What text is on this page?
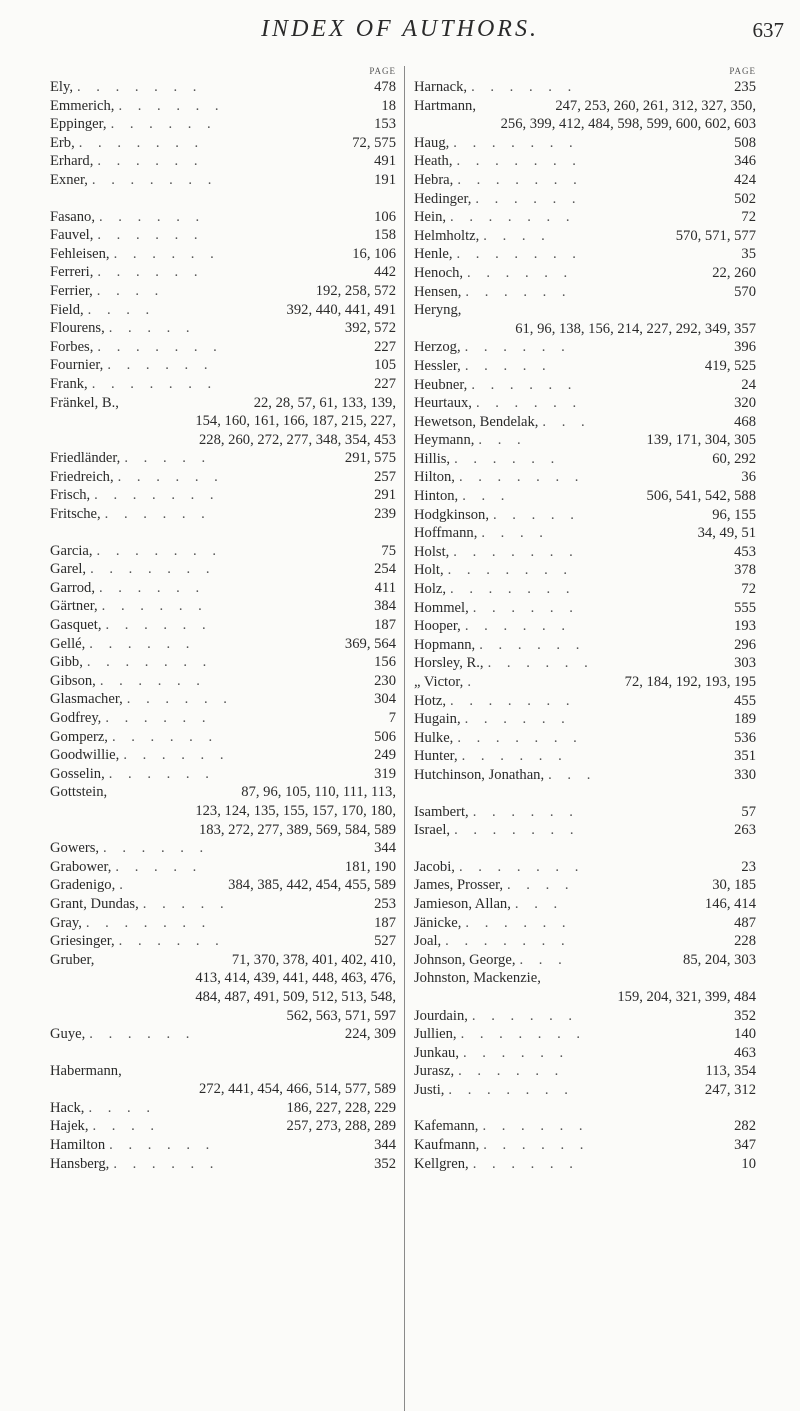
INDEX OF AUTHORS.	637
PAGE
Ely, . . . . . . .	478
Emmerich, . . . . . .	18
Eppinger, . . . . . .	153
Erb, . . . . . . .	72, 575
Erhard, . . . . . .	491
Exner, . . . . . . .	191
Fasano, . . . . . .	106
Fauvel, . . . . . .	158
Fehleisen, . . . . . .	16, 106
Ferreri, . . . . . .	442
Ferrier, . . . .	192, 258, 572
Field, . . . .	392, 440, 441, 491
Flourens, . . . . .	392, 572
Forbes, . . . . . . .	227
Fournier, . . . . . .	105
Frank, . . . . . . .	227
Fränkel, B.,	22, 28, 57, 61, 133, 139,
154, 160, 161, 166, 187, 215, 227,
228, 260, 272, 277, 348, 354, 453
Friedländer, . . . . .	291, 575
Friedreich, . . . . . .	257
Frisch, . . . . . . .	291
Fritsche, . . . . . .	239
Garcia, . . . . . . .	75
Garel, . . . . . . .	254
Garrod, . . . . . .	411
Gärtner, . . . . . .	384
Gasquet, . . . . . .	187
Gellé, . . . . . .	369, 564
Gibb, . . . . . . .	156
Gibson, . . . . . .	230
Glasmacher, . . . . . .	304
Godfrey, . . . . . .	7
Gomperz, . . . . . .	506
Goodwillie, . . . . . .	249
Gosselin, . . . . . .	319
Gottstein,	87, 96, 105, 110, 111, 113,
123, 124, 135, 155, 157, 170, 180,
183, 272, 277, 389, 569, 584, 589
Gowers, . . . . . .	344
Grabower, . . . . .	181, 190
Gradenigo, .	384, 385, 442, 454, 455, 589
Grant, Dundas, . . . . .	253
Gray, . . . . . . .	187
Griesinger, . . . . . .	527
Gruber,	71, 370, 378, 401, 402, 410,
413, 414, 439, 441, 448, 463, 476,
484, 487, 491, 509, 512, 513, 548,
562, 563, 571, 597
Guye, . . . . . .	224, 309
Habermann,
272, 441, 454, 466, 514, 577, 589
Hack, . . . .	186, 227, 228, 229
Hajek, . . . .	257, 273, 288, 289
Hamilton . . . . . .	344
Hansberg, . . . . . .	352
PAGE
Harnack, . . . . . .	235
Hartmann,	247, 253, 260, 261, 312, 327, 350,
256, 399, 412, 484, 598, 599, 600, 602, 603
Haug, . . . . . . .	508
Heath, . . . . . . .	346
Hebra, . . . . . . .	424
Hedinger, . . . . . .	502
Hein, . . . . . . .	72
Helmholtz, . . . .	570, 571, 577
Henle, . . . . . . .	35
Henoch, . . . . . .	22, 260
Hensen, . . . . . .	570
Heryng,
61, 96, 138, 156, 214, 227, 292, 349, 357
Herzog, . . . . . .	396
Hessler, . . . . .	419, 525
Heubner, . . . . . .	24
Heurtaux, . . . . . .	320
Hewetson, Bendelak, . . .	468
Heymann, . . .	139, 171, 304, 305
Hillis, . . . . . .	60, 292
Hilton, . . . . . . .	36
Hinton, . . .	506, 541, 542, 588
Hodgkinson, . . . . .	96, 155
Hoffmann, . . . .	34, 49, 51
Holst, . . . . . . .	453
Holt, . . . . . . .	378
Holz, . . . . . . .	72
Hommel, . . . . . .	555
Hooper, . . . . . .	193
Hopmann, . . . . . .	296
Horsley, R., . . . . . .	303
„ Victor, .	72, 184, 192, 193, 195
Hotz, . . . . . . .	455
Hugain, . . . . . .	189
Hulke, . . . . . . .	536
Hunter, . . . . . .	351
Hutchinson, Jonathan, . . .	330
Isambert, . . . . . .	57
Israel, . . . . . . .	263
Jacobi, . . . . . . .	23
James, Prosser, . . . .	30, 185
Jamieson, Allan, . . .	146, 414
Jänicke, . . . . . .	487
Joal, . . . . . . .	228
Johnson, George, . . .	85, 204, 303
Johnston, Mackenzie,
159, 204, 321, 399, 484
Jourdain, . . . . . .	352
Jullien, . . . . . . .	140
Junkau, . . . . . .	463
Jurasz, . . . . . .	113, 354
Justi, . . . . . . .	247, 312
Kafemann, . . . . . .	282
Kaufmann, . . . . . .	347
Kellgren, . . . . . .	10
